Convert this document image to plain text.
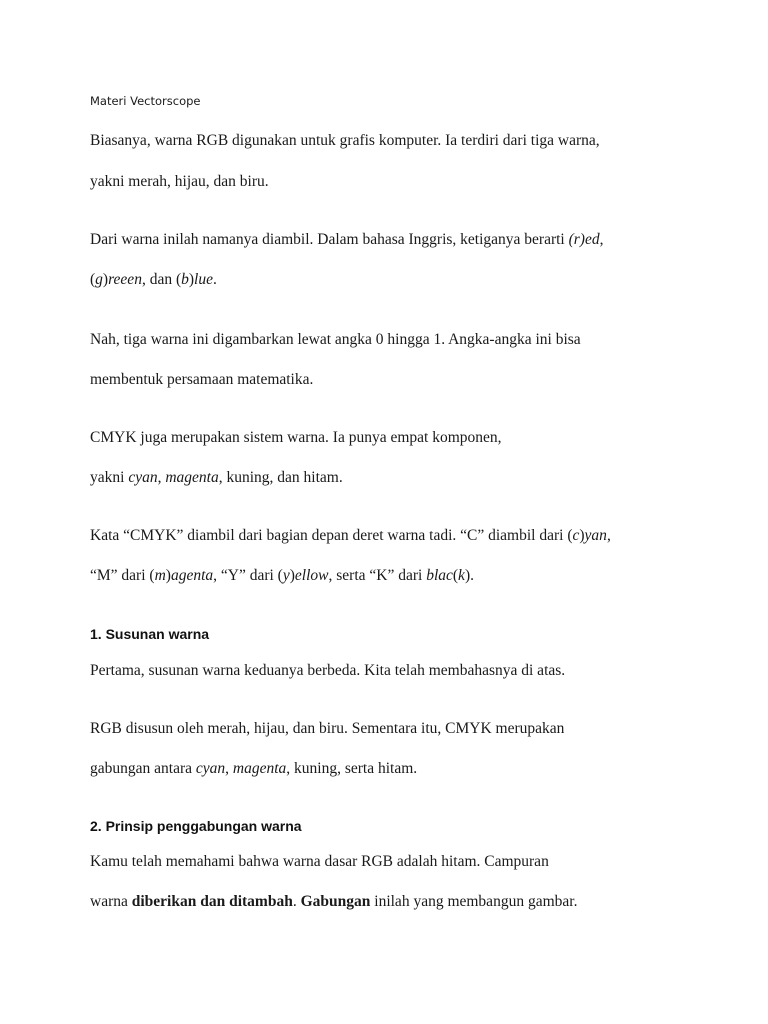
Materi Vectorscope
Biasanya, warna RGB digunakan untuk grafis komputer. Ia terdiri dari tiga warna,
yakni merah, hijau, dan biru.
Dari warna inilah namanya diambil. Dalam bahasa Inggris, ketiganya berarti (r)ed,
(g)reeen, dan (b)lue.
Nah, tiga warna ini digambarkan lewat angka 0 hingga 1. Angka-angka ini bisa
membentuk persamaan matematika.
CMYK juga merupakan sistem warna. Ia punya empat komponen,
yakni cyan, magenta, kuning, dan hitam.
Kata “CMYK” diambil dari bagian depan deret warna tadi. “C” diambil dari (c)yan,
“M” dari (m)agenta, “Y” dari (y)ellow, serta “K” dari blac(k).
1. Susunan warna
Pertama, susunan warna keduanya berbeda. Kita telah membahasnya di atas.
RGB disusun oleh merah, hijau, dan biru. Sementara itu, CMYK merupakan
gabungan antara cyan, magenta, kuning, serta hitam.
2. Prinsip penggabungan warna
Kamu telah memahami bahwa warna dasar RGB adalah hitam. Campuran
warna diberikan dan ditambah. Gabungan inilah yang membangun gambar.
